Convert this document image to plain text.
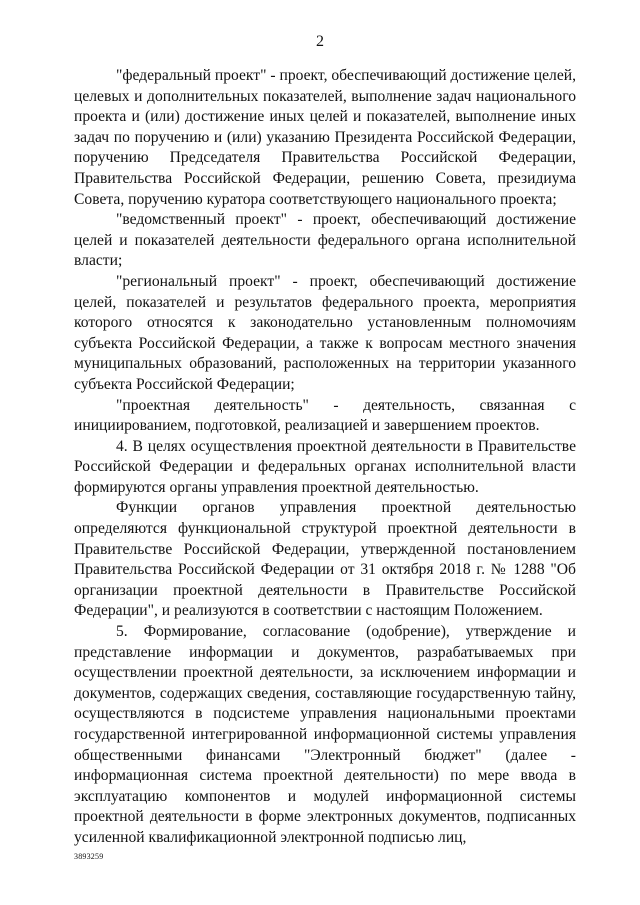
2

"федеральный проект" - проект, обеспечивающий достижение целей, целевых и дополнительных показателей, выполнение задач национального проекта и (или) достижение иных целей и показателей, выполнение иных задач по поручению и (или) указанию Президента Российской Федерации, поручению Председателя Правительства Российской Федерации, Правительства Российской Федерации, решению Совета, президиума Совета, поручению куратора соответствующего национального проекта;

"ведомственный проект" - проект, обеспечивающий достижение целей и показателей деятельности федерального органа исполнительной власти;

"региональный проект" - проект, обеспечивающий достижение целей, показателей и результатов федерального проекта, мероприятия которого относятся к законодательно установленным полномочиям субъекта Российской Федерации, а также к вопросам местного значения муниципальных образований, расположенных на территории указанного субъекта Российской Федерации;

"проектная деятельность" - деятельность, связанная с инициированием, подготовкой, реализацией и завершением проектов.

4. В целях осуществления проектной деятельности в Правительстве Российской Федерации и федеральных органах исполнительной власти формируются органы управления проектной деятельностью.

Функции органов управления проектной деятельностью определяются функциональной структурой проектной деятельности в Правительстве Российской Федерации, утвержденной постановлением Правительства Российской Федерации от 31 октября 2018 г. № 1288 "Об организации проектной деятельности в Правительстве Российской Федерации", и реализуются в соответствии с настоящим Положением.

5. Формирование, согласование (одобрение), утверждение и представление информации и документов, разрабатываемых при осуществлении проектной деятельности, за исключением информации и документов, содержащих сведения, составляющие государственную тайну, осуществляются в подсистеме управления национальными проектами государственной интегрированной информационной системы управления общественными финансами "Электронный бюджет" (далее - информационная система проектной деятельности) по мере ввода в эксплуатацию компонентов и модулей информационной системы проектной деятельности в форме электронных документов, подписанных усиленной квалификационной электронной подписью лиц,

3893259
